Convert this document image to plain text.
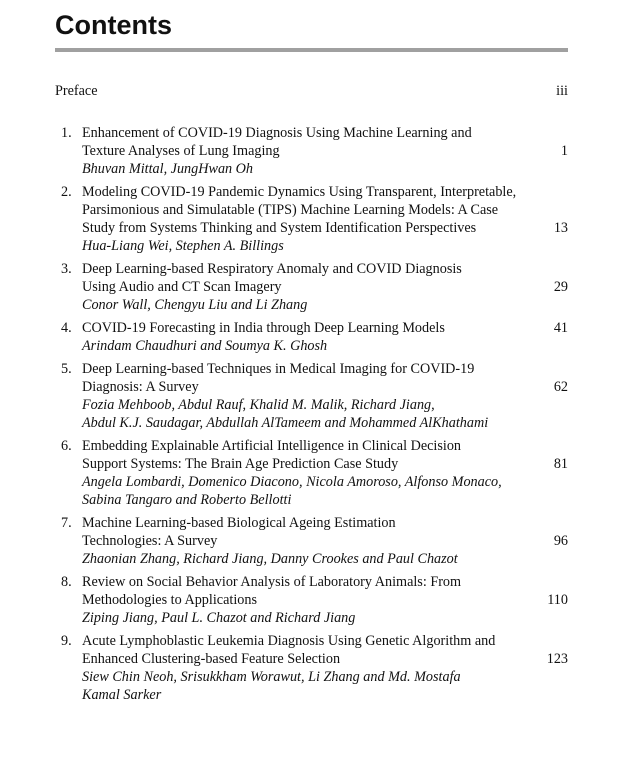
Contents
Preface	iii
1. Enhancement of COVID-19 Diagnosis Using Machine Learning and
Texture Analyses of Lung Imaging	1
Bhuvan Mittal, JungHwan Oh
2. Modeling COVID-19 Pandemic Dynamics Using Transparent, Interpretable,
Parsimonious and Simulatable (TIPS) Machine Learning Models: A Case
Study from Systems Thinking and System Identification Perspectives	13
Hua-Liang Wei, Stephen A. Billings
3. Deep Learning-based Respiratory Anomaly and COVID Diagnosis
Using Audio and CT Scan Imagery	29
Conor Wall, Chengyu Liu and Li Zhang
4. COVID-19 Forecasting in India through Deep Learning Models	41
Arindam Chaudhuri and Soumya K. Ghosh
5. Deep Learning-based Techniques in Medical Imaging for COVID-19
Diagnosis: A Survey	62
Fozia Mehboob, Abdul Rauf, Khalid M. Malik, Richard Jiang,
Abdul K.J. Saudagar, Abdullah AlTameem and Mohammed AlKhathami
6. Embedding Explainable Artificial Intelligence in Clinical Decision
Support Systems: The Brain Age Prediction Case Study	81
Angela Lombardi, Domenico Diacono, Nicola Amoroso, Alfonso Monaco,
Sabina Tangaro and Roberto Bellotti
7. Machine Learning-based Biological Ageing Estimation
Technologies: A Survey	96
Zhaonian Zhang, Richard Jiang, Danny Crookes and Paul Chazot
8. Review on Social Behavior Analysis of Laboratory Animals: From
Methodologies to Applications	110
Ziping Jiang, Paul L. Chazot and Richard Jiang
9. Acute Lymphoblastic Leukemia Diagnosis Using Genetic Algorithm and
Enhanced Clustering-based Feature Selection	123
Siew Chin Neoh, Srisukkham Worawut, Li Zhang and Md. Mostafa
Kamal Sarker
